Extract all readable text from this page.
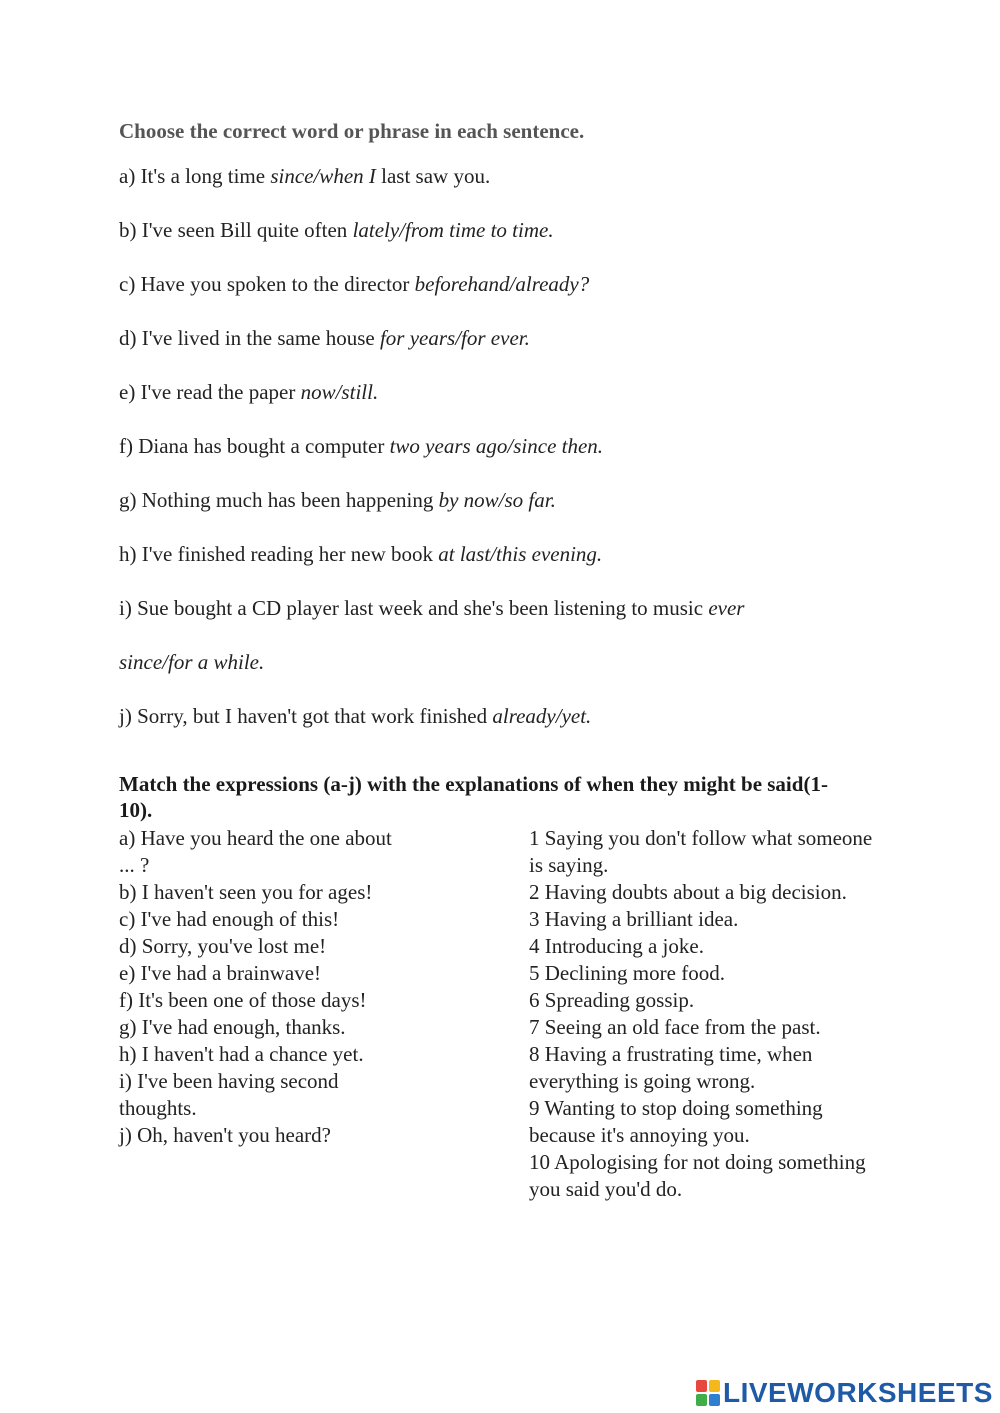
Choose the correct word or phrase in each sentence.
a) It's a long time since/when I last saw you.
b) I've seen Bill quite often lately/from time to time.
c) Have you spoken to the director beforehand/already?
d) I've lived in the same house for years/for ever.
e) I've read the paper now/still.
f) Diana has bought a computer two years ago/since then.
g) Nothing much has been happening by now/so far.
h) I've finished reading her new book at last/this evening.
i) Sue bought a CD player last week and she's been listening to music ever
since/for a while.
j) Sorry, but I haven't got that work finished already/yet.
Match the expressions (a-j) with the explanations of when they might be said(1-10).
a) Have you heard the one about ... ?
b) I haven't seen you for ages!
c) I've had enough of this!
d) Sorry, you've lost me!
e) I've had a brainwave!
f) It's been one of those days!
g) I've had enough, thanks.
h) I haven't had a chance yet.
i) I've been having second thoughts.
j) Oh, haven't you heard?
1 Saying you don't follow what someone is saying.
2 Having doubts about a big decision.
3 Having a brilliant idea.
4 Introducing a joke.
5 Declining more food.
6 Spreading gossip.
7 Seeing an old face from the past.
8 Having a frustrating time, when everything is going wrong.
9 Wanting to stop doing something because it's annoying you.
10 Apologising for not doing something you said you'd do.
LIVEWORKSHEETS
